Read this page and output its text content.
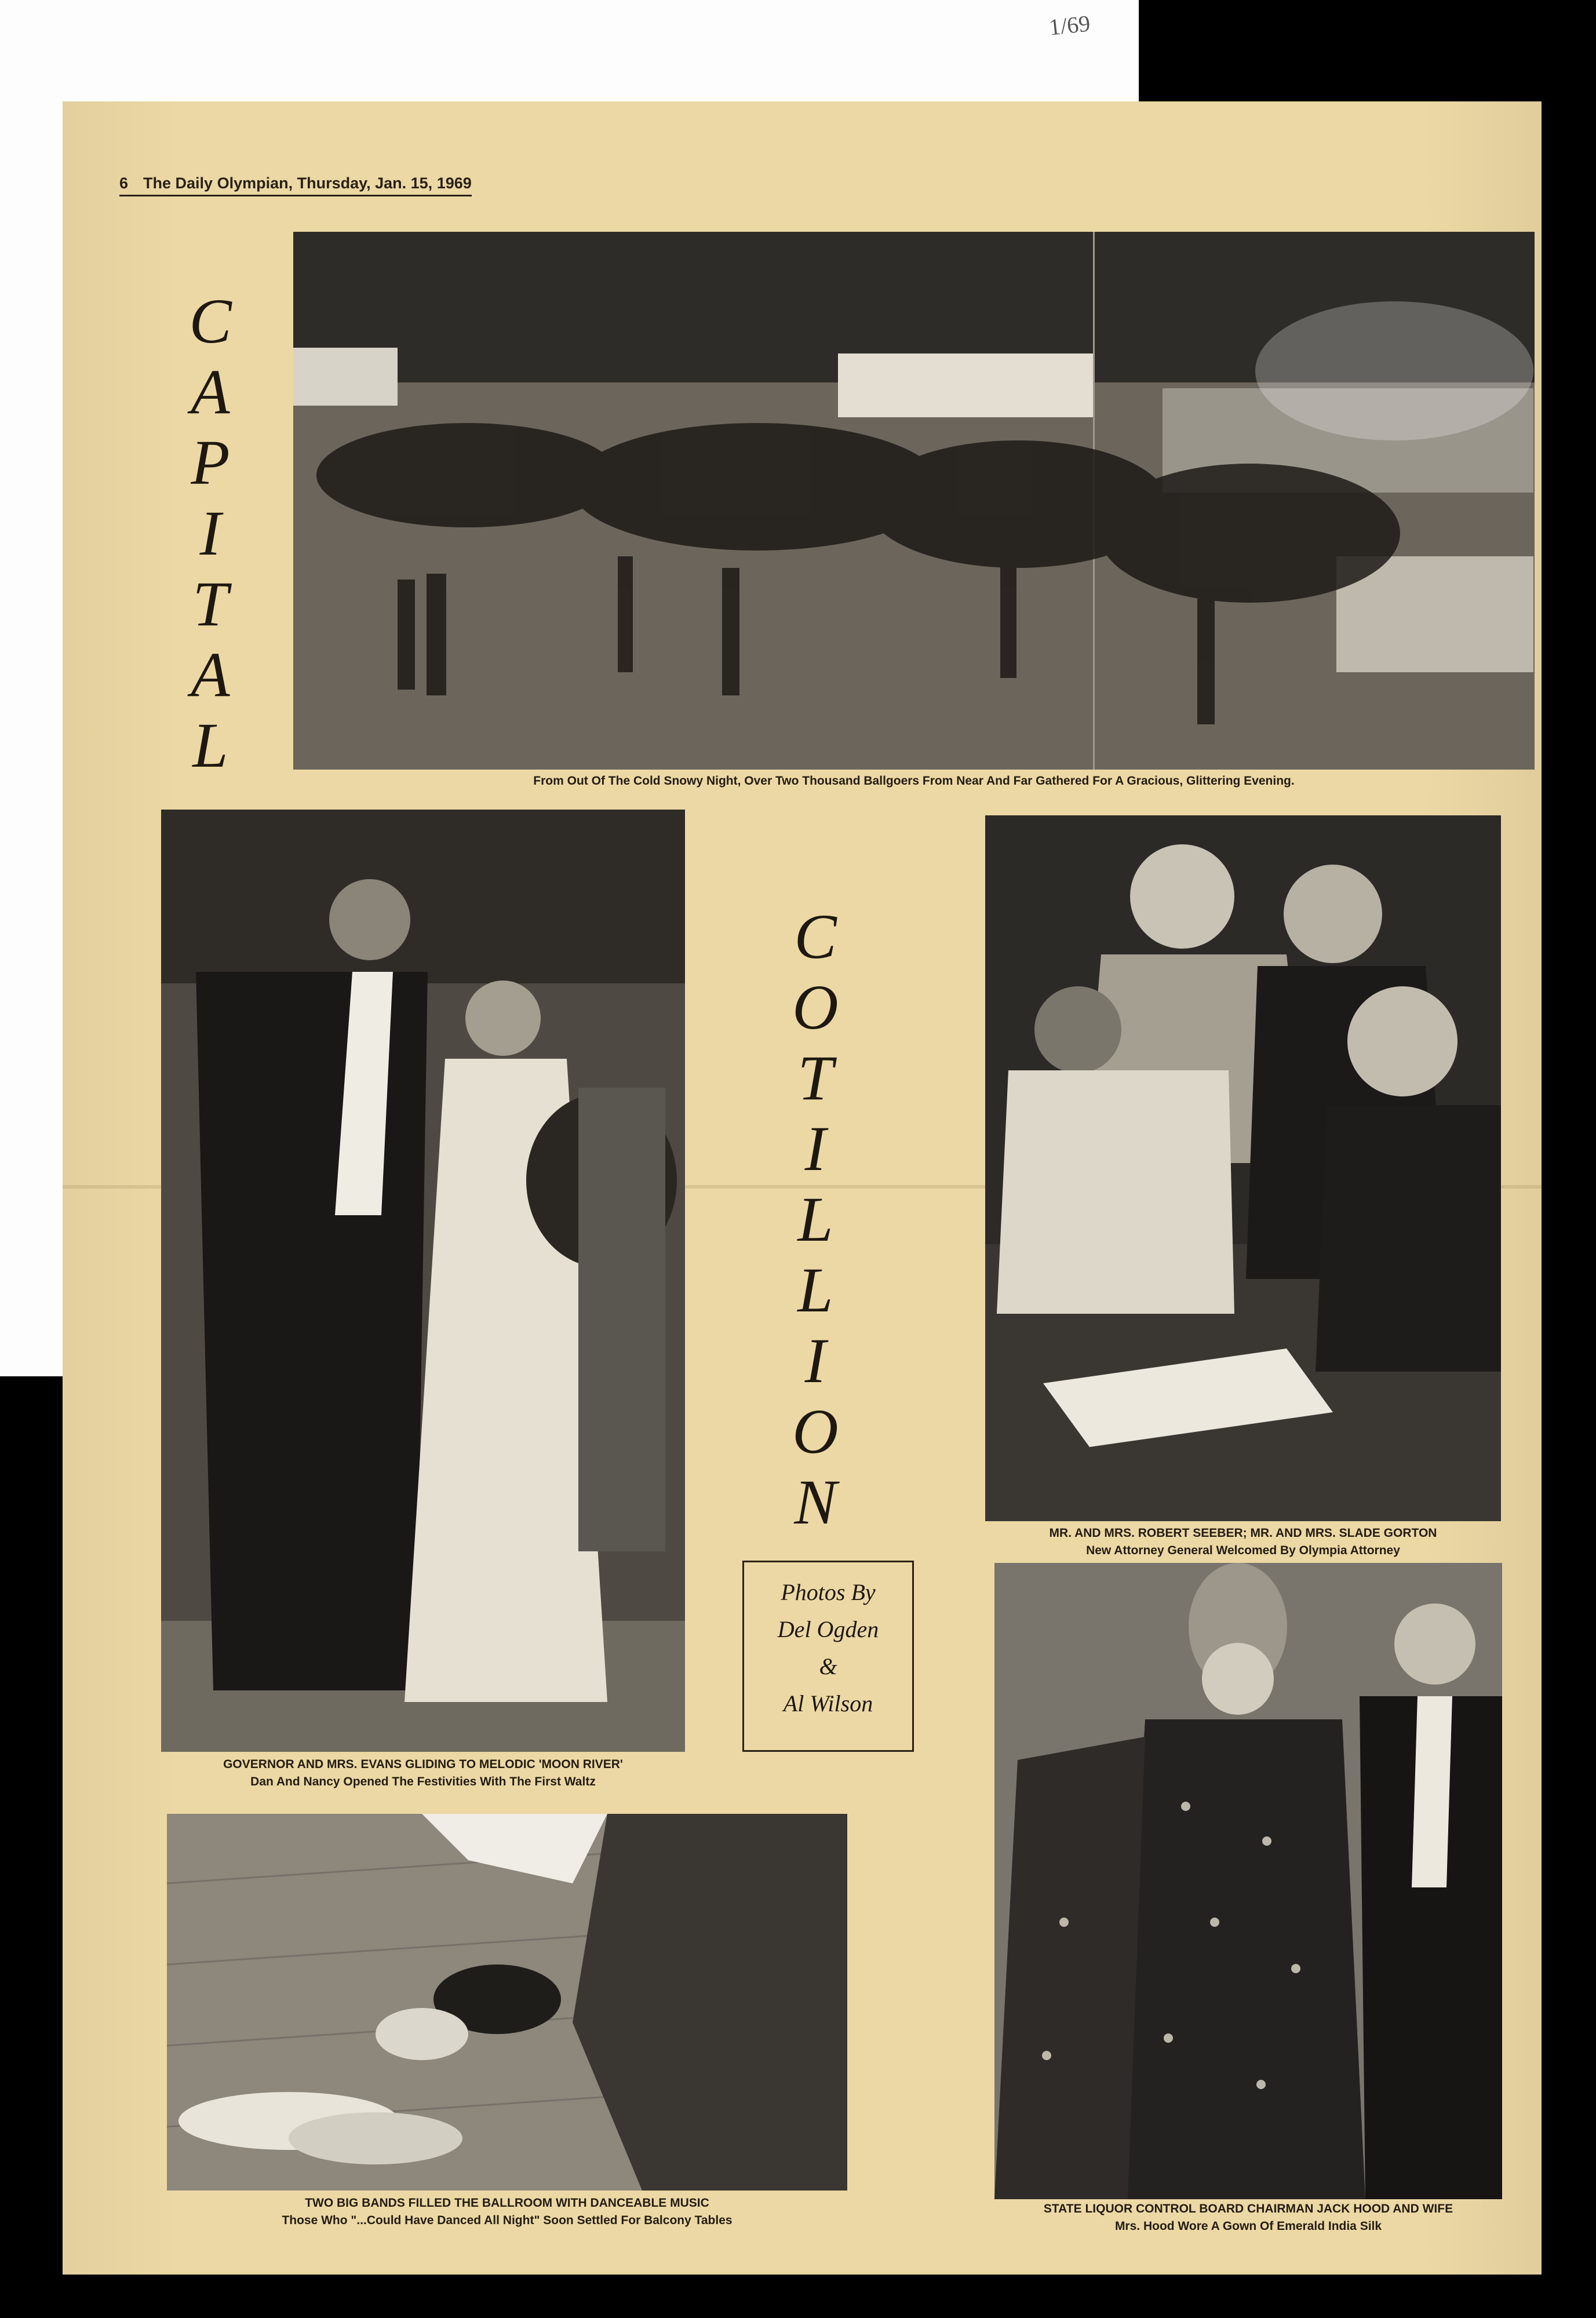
1/69
6 The Daily Olympian, Thursday, Jan. 15, 1969
C
A
P
I
T
A
L
From Out Of The Cold Snowy Night, Over Two Thousand Ballgoers From Near And Far Gathered For A Gracious, Glittering Evening.
GOVERNOR AND MRS. EVANS GLIDING TO MELODIC 'MOON RIVER'
Dan And Nancy Opened The Festivities With The First Waltz
C
O
T
I
L
L
I
O
N
Photos By
Del Ogden
&
Al Wilson
MR. AND MRS. ROBERT SEEBER; MR. AND MRS. SLADE GORTON
New Attorney General Welcomed By Olympia Attorney
TWO BIG BANDS FILLED THE BALLROOM WITH DANCEABLE MUSIC
Those Who "...Could Have Danced All Night" Soon Settled For Balcony Tables
STATE LIQUOR CONTROL BOARD CHAIRMAN JACK HOOD AND WIFE
Mrs. Hood Wore A Gown Of Emerald India Silk
